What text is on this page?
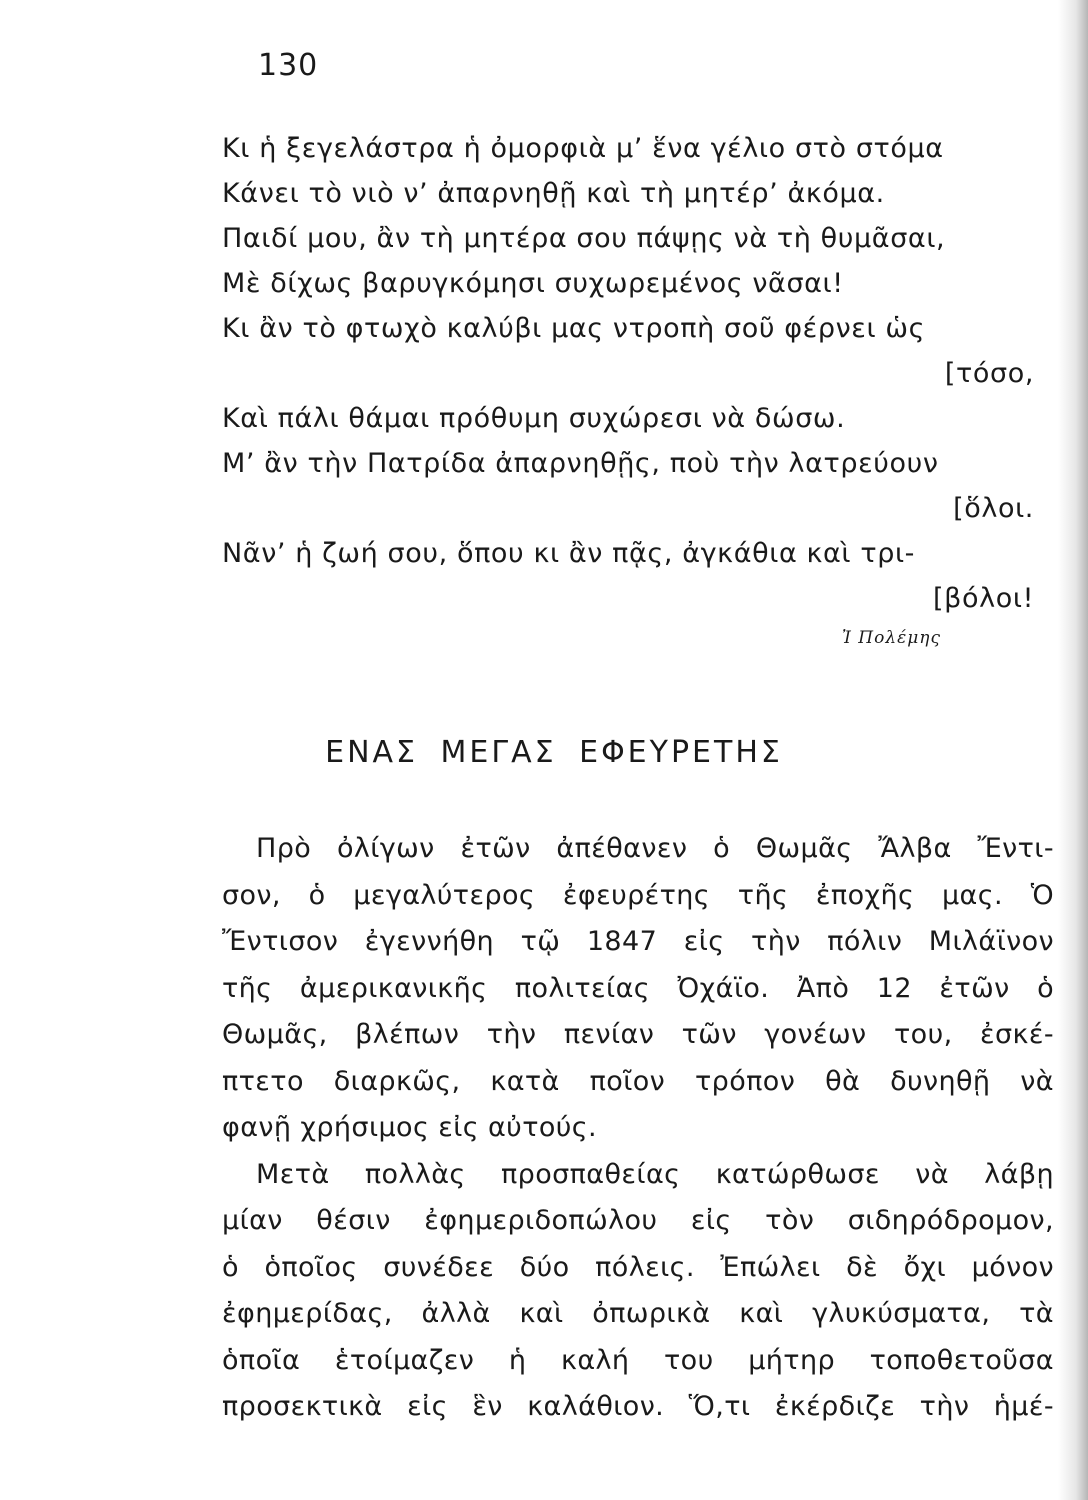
130
Κι ἡ ξεγελάστρα ἡ ὀμορφιὰ μ’ ἕνα γέλιο στὸ στόμα
Κάνει τὸ νιὸ ν’ ἀπαρνηθῇ καὶ τὴ μητέρ’ ἀκόμα.
Παιδί μου, ἂν τὴ μητέρα σου πάψῃς νὰ τὴ θυμᾶσαι,
Μὲ δίχως βαρυγκόμησι συχωρεμένος νᾶσαι!
Κι ἂν τὸ φτωχὸ καλύβι μας ντροπὴ σοῦ φέρνει ὡς
[τόσο,
Καὶ πάλι θάμαι πρόθυμη συχώρεσι νὰ δώσω.
Μ’ ἂν τὴν Πατρίδα ἀπαρνηθῇς, ποὺ τὴν λατρεύουν
[ὅλοι.
Νᾶν’ ἡ ζωή σου, ὅπου κι ἂν πᾷς, ἀγκάθια καὶ τρι-
[βόλοι!
Ἰ Πολέμης
ΕΝΑΣ ΜΕΓΑΣ ΕΦΕΥΡΕΤΗΣ
Πρὸ ὀλίγων ἐτῶν ἀπέθανεν ὁ Θωμᾶς Ἄλβα Ἔντι-
σον, ὁ μεγαλύτερος ἐφευρέτης τῆς ἐποχῆς μας. Ὁ
Ἔντισον ἐγεννήθη τῷ 1847 εἰς τὴν πόλιν Μιλάϊνον
τῆς ἀμερικανικῆς πολιτείας Ὀχάϊο. Ἀπὸ 12 ἐτῶν ὁ
Θωμᾶς, βλέπων τὴν πενίαν τῶν γονέων του, ἐσκέ-
πτετο διαρκῶς, κατὰ ποῖον τρόπον θὰ δυνηθῇ νὰ
φανῇ χρήσιμος εἰς αὐτούς.
Μετὰ πολλὰς προσπαθείας κατώρθωσε νὰ λάβῃ
μίαν θέσιν ἐφημεριδοπώλου εἰς τὸν σιδηρόδρομον,
ὁ ὁποῖος συνέδεε δύο πόλεις. Ἐπώλει δὲ ὄχι μόνον
ἐφημερίδας, ἀλλὰ καὶ ὀπωρικὰ καὶ γλυκύσματα, τὰ
ὁποῖα ἑτοίμαζεν ἡ καλή του μήτηρ τοποθετοῦσα
προσεκτικὰ εἰς ἓν καλάθιον. Ὅ,τι ἐκέρδιζε τὴν ἡμέ-
